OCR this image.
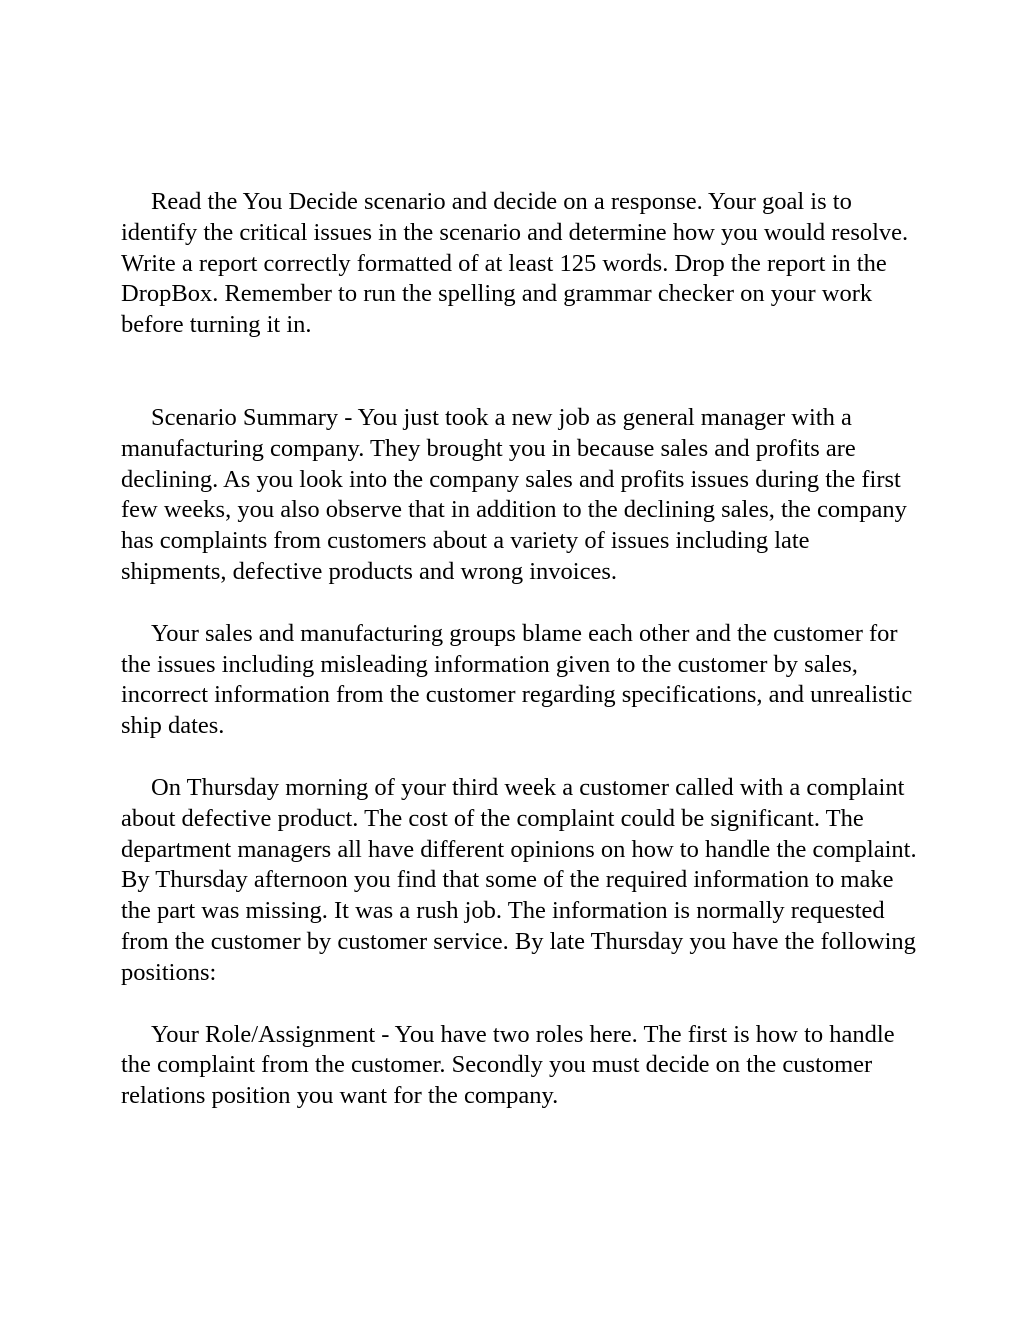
Read the You Decide scenario and decide on a response. Your goal is to identify the critical issues in the scenario and determine how you would resolve. Write a report correctly formatted of at least 125 words. Drop the report in the DropBox. Remember to run the spelling and grammar checker on your work before turning it in.

Scenario Summary - You just took a new job as general manager with a manufacturing company. They brought you in because sales and profits are declining. As you look into the company sales and profits issues during the first few weeks, you also observe that in addition to the declining sales, the company has complaints from customers about a variety of issues including late shipments, defective products and wrong invoices.

Your sales and manufacturing groups blame each other and the customer for the issues including misleading information given to the customer by sales, incorrect information from the customer regarding specifications, and unrealistic ship dates.

On Thursday morning of your third week a customer called with a complaint about defective product. The cost of the complaint could be significant. The department managers all have different opinions on how to handle the complaint. By Thursday afternoon you find that some of the required information to make the part was missing. It was a rush job. The information is normally requested from the customer by customer service. By late Thursday you have the following positions:

Your Role/Assignment - You have two roles here. The first is how to handle the complaint from the customer. Secondly you must decide on the customer relations position you want for the company.
